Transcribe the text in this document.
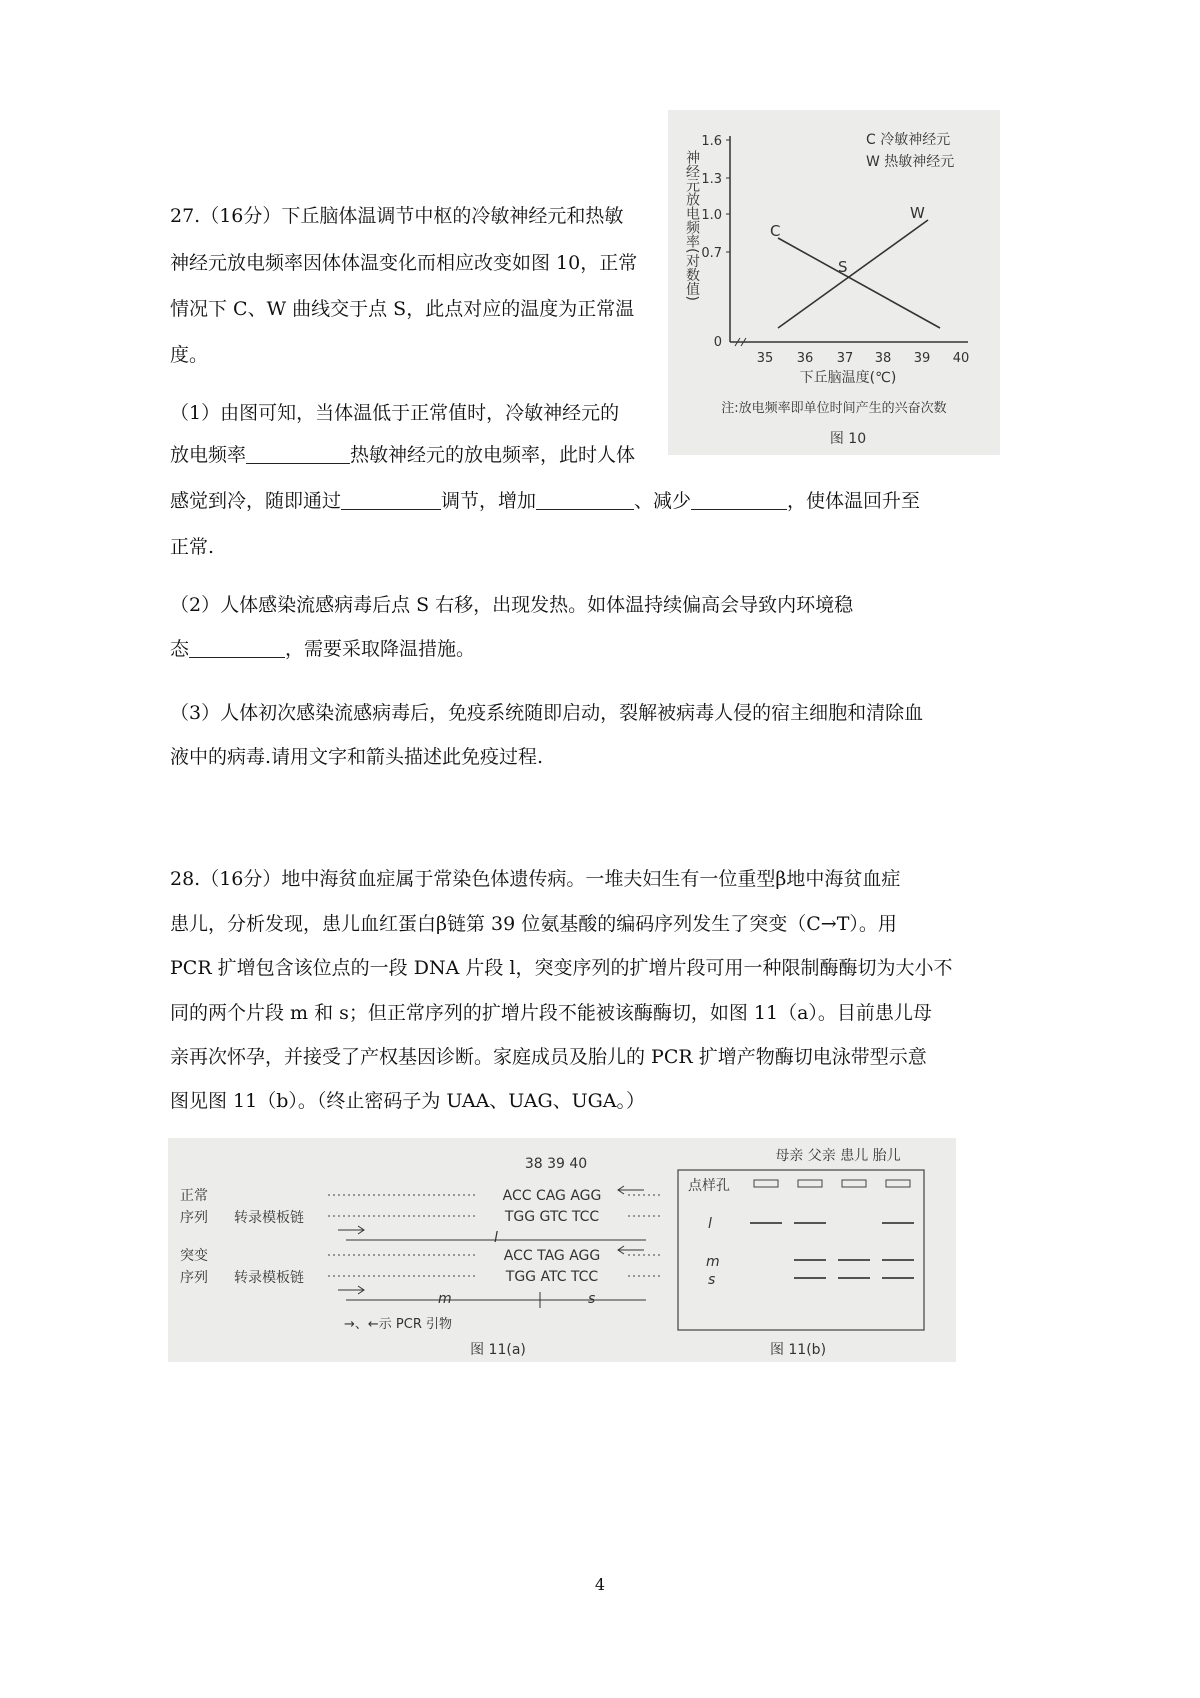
27.（16分）下丘脑体温调节中枢的冷敏神经元和热敏
神经元放电频率因体体温变化而相应改变如图 10，正常
情况下 C、W 曲线交于点 S，此点对应的温度为正常温
度。
（1）由图可知，当体温低于正常值时，冷敏神经元的
放电频率	热敏神经元的放电频率，此时人体
感觉到冷，随即通过	调节，增加	、减少	，使体温回升至
正常.
（2）人体感染流感病毒后点 S 右移，出现发热。如体温持续偏高会导致内环境稳
态	，需要采取降温措施。
（3）人体初次感染流感病毒后，免疫系统随即启动，裂解被病毒人侵的宿主细胞和清除血
液中的病毒.请用文字和箭头描述此免疫过程.
1.6
1.3
1.0
0.7
0
35 36 37 38 39 40
神经元放电频率(对数值)	C
W
S
C 冷敏神经元
W 热敏神经元
下丘脑温度(℃)
注:放电频率即单位时间产生的兴奋次数
图 10
28.（16分）地中海贫血症属于常染色体遗传病。一堆夫妇生有一位重型β地中海贫血症
患儿，分析发现，患儿血红蛋白β链第 39 位氨基酸的编码序列发生了突变（C→T）。用
PCR 扩增包含该位点的一段 DNA 片段 l，突变序列的扩增片段可用一种限制酶酶切为大小不
同的两个片段 m 和 s；但正常序列的扩增片段不能被该酶酶切，如图 11（a）。目前患儿母
亲再次怀孕，并接受了产权基因诊断。家庭成员及胎儿的 PCR 扩增产物酶切电泳带型示意
图见图 11（b）。（终止密码子为 UAA、UAG、UGA。）
38 39 40
正常
序列 转录模板链
ACC CAG AGG
TGG GTC TCC
l
突变
序列 转录模板链
ACC TAG AGG
TGG ATC TCC
m	s
→、←示 PCR 引物
图 11(a)
母亲 父亲 患儿 胎儿
点样孔
l
m
s
图 11(b)
4
